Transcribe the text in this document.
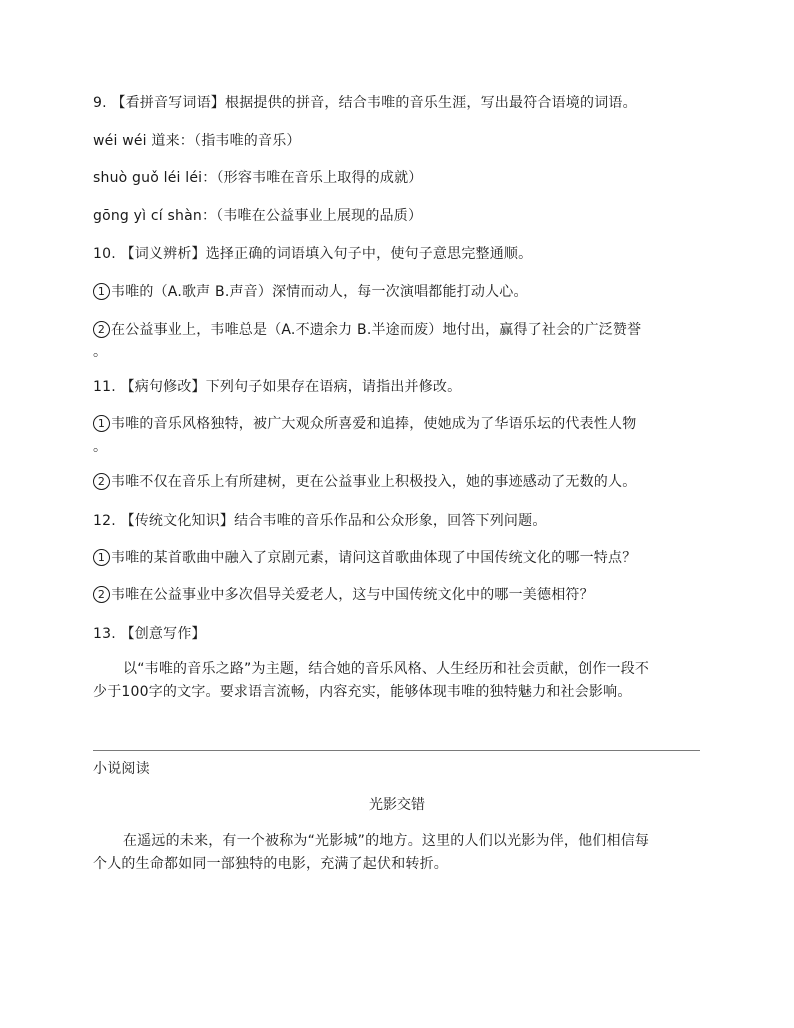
9. 【看拼音写词语】根据提供的拼音，结合韦唯的音乐生涯，写出最符合语境的词语。
wéi wéi 道来：（指韦唯的音乐）
shuò guǒ léi léi：（形容韦唯在音乐上取得的成就）
gōng yì cí shàn：（韦唯在公益事业上展现的品质）
10. 【词义辨析】选择正确的词语填入句子中，使句子意思完整通顺。
1 韦唯的（A.歌声 B.声音）深情而动人，每一次演唱都能打动人心。
2 在公益事业上，韦唯总是（A.不遗余力 B.半途而废）地付出，赢得了社会的广泛赞誉
。
11. 【病句修改】下列句子如果存在语病，请指出并修改。
1 韦唯的音乐风格独特，被广大观众所喜爱和追捧，使她成为了华语乐坛的代表性人物
。
2 韦唯不仅在音乐上有所建树，更在公益事业上积极投入，她的事迹感动了无数的人。
12. 【传统文化知识】结合韦唯的音乐作品和公众形象，回答下列问题。
1 韦唯的某首歌曲中融入了京剧元素，请问这首歌曲体现了中国传统文化的哪一特点？
2 韦唯在公益事业中多次倡导关爱老人，这与中国传统文化中的哪一美德相符？
13. 【创意写作】
以“韦唯的音乐之路”为主题，结合她的音乐风格、人生经历和社会贡献，创作一段不
少于100字的文字。要求语言流畅，内容充实，能够体现韦唯的独特魅力和社会影响。
小说阅读
光影交错
在遥远的未来，有一个被称为“光影城”的地方。这里的人们以光影为伴，他们相信每
个人的生命都如同一部独特的电影，充满了起伏和转折。
